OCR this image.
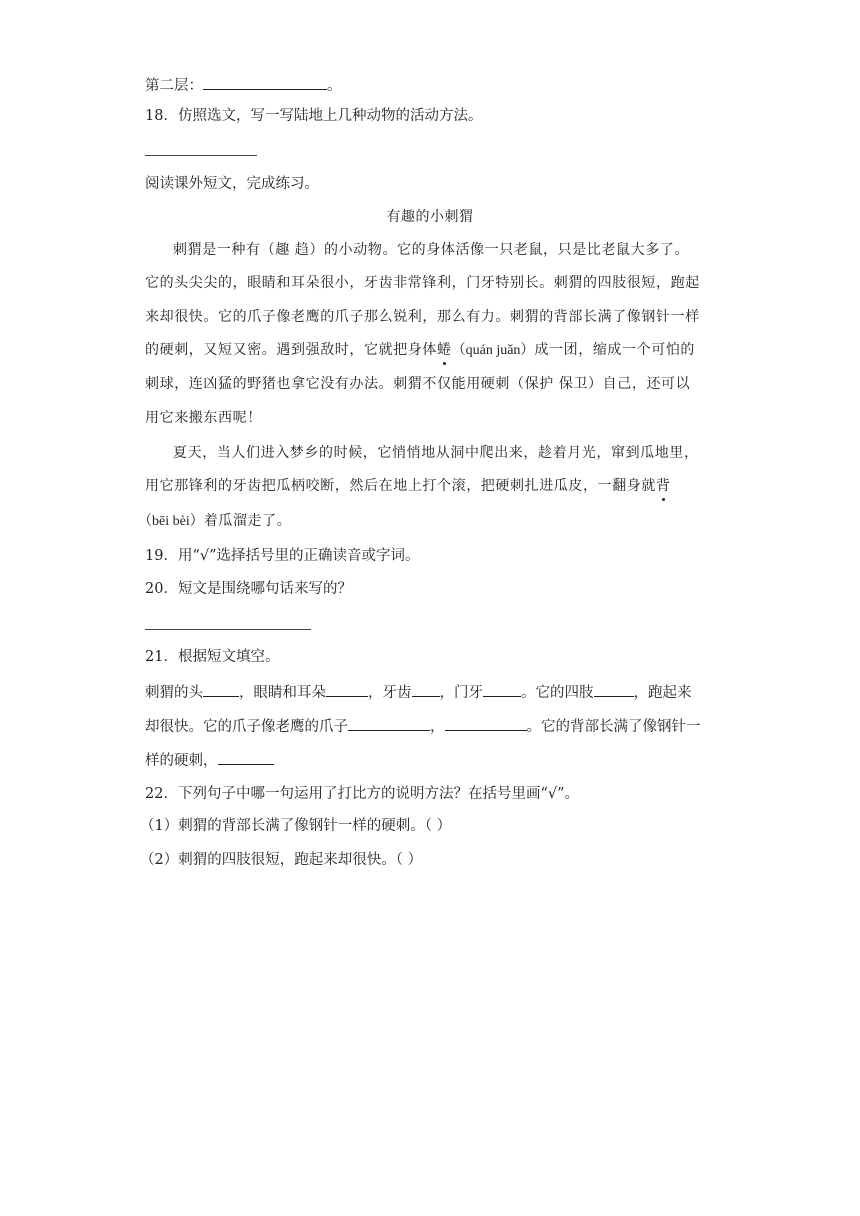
第二层：	。
18．仿照选文，写一写陆地上几种动物的活动方法。
阅读课外短文，完成练习。
有趣的小刺猬
刺猬是一种有（趣 趋）的小动物。它的身体活像一只老鼠，只是比老鼠大多了。
它的头尖尖的，眼睛和耳朵很小，牙齿非常锋利，门牙特别长。刺猬的四肢很短，跑起
来却很快。它的爪子像老鹰的爪子那么锐利，那么有力。刺猬的背部长满了像钢针一样
的硬刺，又短又密。遇到强敌时，它就把身体蜷（quán juǎn）成一团，缩成一个可怕的
刺球，连凶猛的野猪也拿它没有办法。刺猬不仅能用硬刺（保护 保卫）自己，还可以
用它来搬东西呢！
夏天，当人们进入梦乡的时候，它悄悄地从洞中爬出来，趁着月光，窜到瓜地里，
用它那锋利的牙齿把瓜柄咬断，然后在地上打个滚，把硬刺扎进瓜皮，一翻身就背
（bēi bèi）着瓜溜走了。
19．用“√”选择括号里的正确读音或字词。
20．短文是围绕哪句话来写的？
21．根据短文填空。
刺猬的头 ，眼睛和耳朵	，牙齿 ，门牙	。它的四肢	，跑起来
却很快。它的爪子像老鹰的爪子	，	。它的背部长满了像钢针一
样的硬刺，
22．下列句子中哪一句运用了打比方的说明方法？在括号里画“√”。
（1）刺猬的背部长满了像钢针一样的硬刺。（ ）
（2）刺猬的四肢很短，跑起来却很快。（ ）
